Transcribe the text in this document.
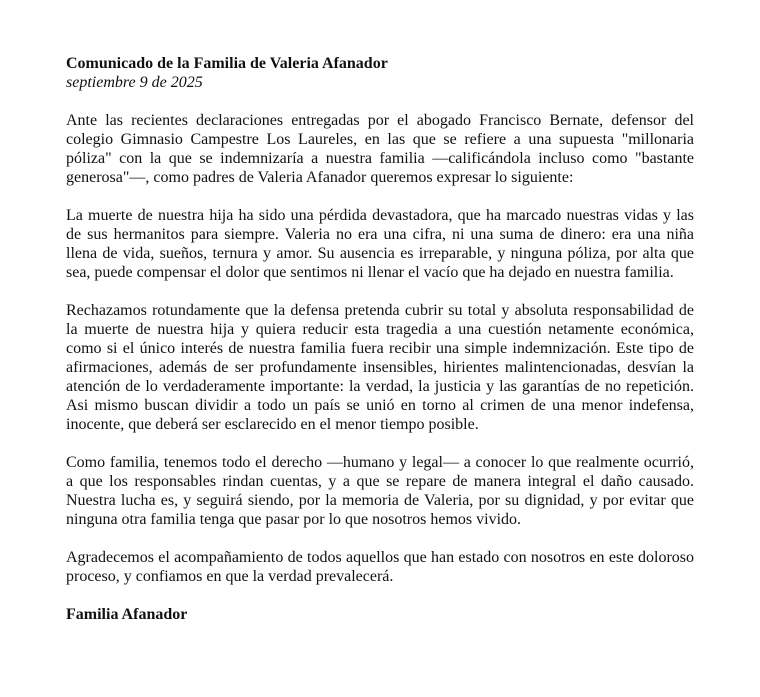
Comunicado de la Familia de Valeria Afanador
septiembre 9 de 2025

Ante las recientes declaraciones entregadas por el abogado Francisco Bernate, defensor del colegio Gimnasio Campestre Los Laureles, en las que se refiere a una supuesta "millonaria póliza" con la que se indemnizaría a nuestra familia —calificándola incluso como "bastante generosa"—, como padres de Valeria Afanador queremos expresar lo siguiente:

La muerte de nuestra hija ha sido una pérdida devastadora, que ha marcado nuestras vidas y las de sus hermanitos para siempre. Valeria no era una cifra, ni una suma de dinero: era una niña llena de vida, sueños, ternura y amor. Su ausencia es irreparable, y ninguna póliza, por alta que sea, puede compensar el dolor que sentimos ni llenar el vacío que ha dejado en nuestra familia.

Rechazamos rotundamente que la defensa pretenda cubrir su total y absoluta responsabilidad de la muerte de nuestra hija y quiera reducir esta tragedia a una cuestión netamente económica, como si el único interés de nuestra familia fuera recibir una simple indemnización. Este tipo de afirmaciones, además de ser profundamente insensibles, hirientes malintencionadas, desvían la atención de lo verdaderamente importante: la verdad, la justicia y las garantías de no repetición. Asi mismo buscan dividir a todo un país se unió en torno al crimen de una menor indefensa, inocente, que deberá ser esclarecido en el menor tiempo posible.

Como familia, tenemos todo el derecho —humano y legal— a conocer lo que realmente ocurrió, a que los responsables rindan cuentas, y a que se repare de manera integral el daño causado. Nuestra lucha es, y seguirá siendo, por la memoria de Valeria, por su dignidad, y por evitar que ninguna otra familia tenga que pasar por lo que nosotros hemos vivido.

Agradecemos el acompañamiento de todos aquellos que han estado con nosotros en este doloroso proceso, y confiamos en que la verdad prevalecerá.

Familia Afanador
